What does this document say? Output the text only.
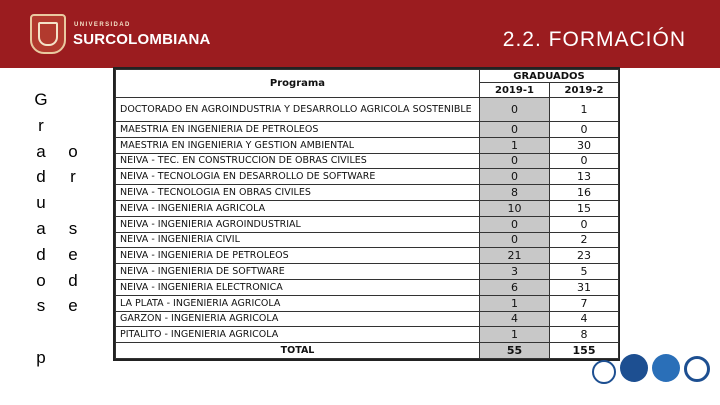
UNIVERSIDAD
SURCOLOMBIANA	2.2. FORMACIÓN
G
r
a
d
u
a
d
o
s
p
o
r
s
e
d
e
Programa	GRADUADOS	
	2019-1	2019-2
DOCTORADO EN AGROINDUSTRIA Y DESARROLLO AGRICOLA SOSTENIBLE	0	1
MAESTRIA EN INGENIERIA DE PETROLEOS	0	0
MAESTRIA EN INGENIERIA Y GESTION AMBIENTAL	1	30
NEIVA - TEC. EN CONSTRUCCION DE OBRAS CIVILES	0	0
NEIVA - TECNOLOGIA EN DESARROLLO DE SOFTWARE	0	13
NEIVA - TECNOLOGIA EN OBRAS CIVILES	8	16
NEIVA - INGENIERIA AGRICOLA	10	15
NEIVA - INGENIERIA AGROINDUSTRIAL	0	0
NEIVA - INGENIERIA CIVIL	0	2
NEIVA - INGENIERIA DE PETROLEOS	21	23
NEIVA - INGENIERIA DE SOFTWARE	3	5
NEIVA - INGENIERIA ELECTRONICA	6	31
LA PLATA - INGENIERIA AGRICOLA	1	7
GARZON - INGENIERIA AGRICOLA	4	4
PITALITO - INGENIERIA AGRICOLA	1	8
TOTAL	55	155
